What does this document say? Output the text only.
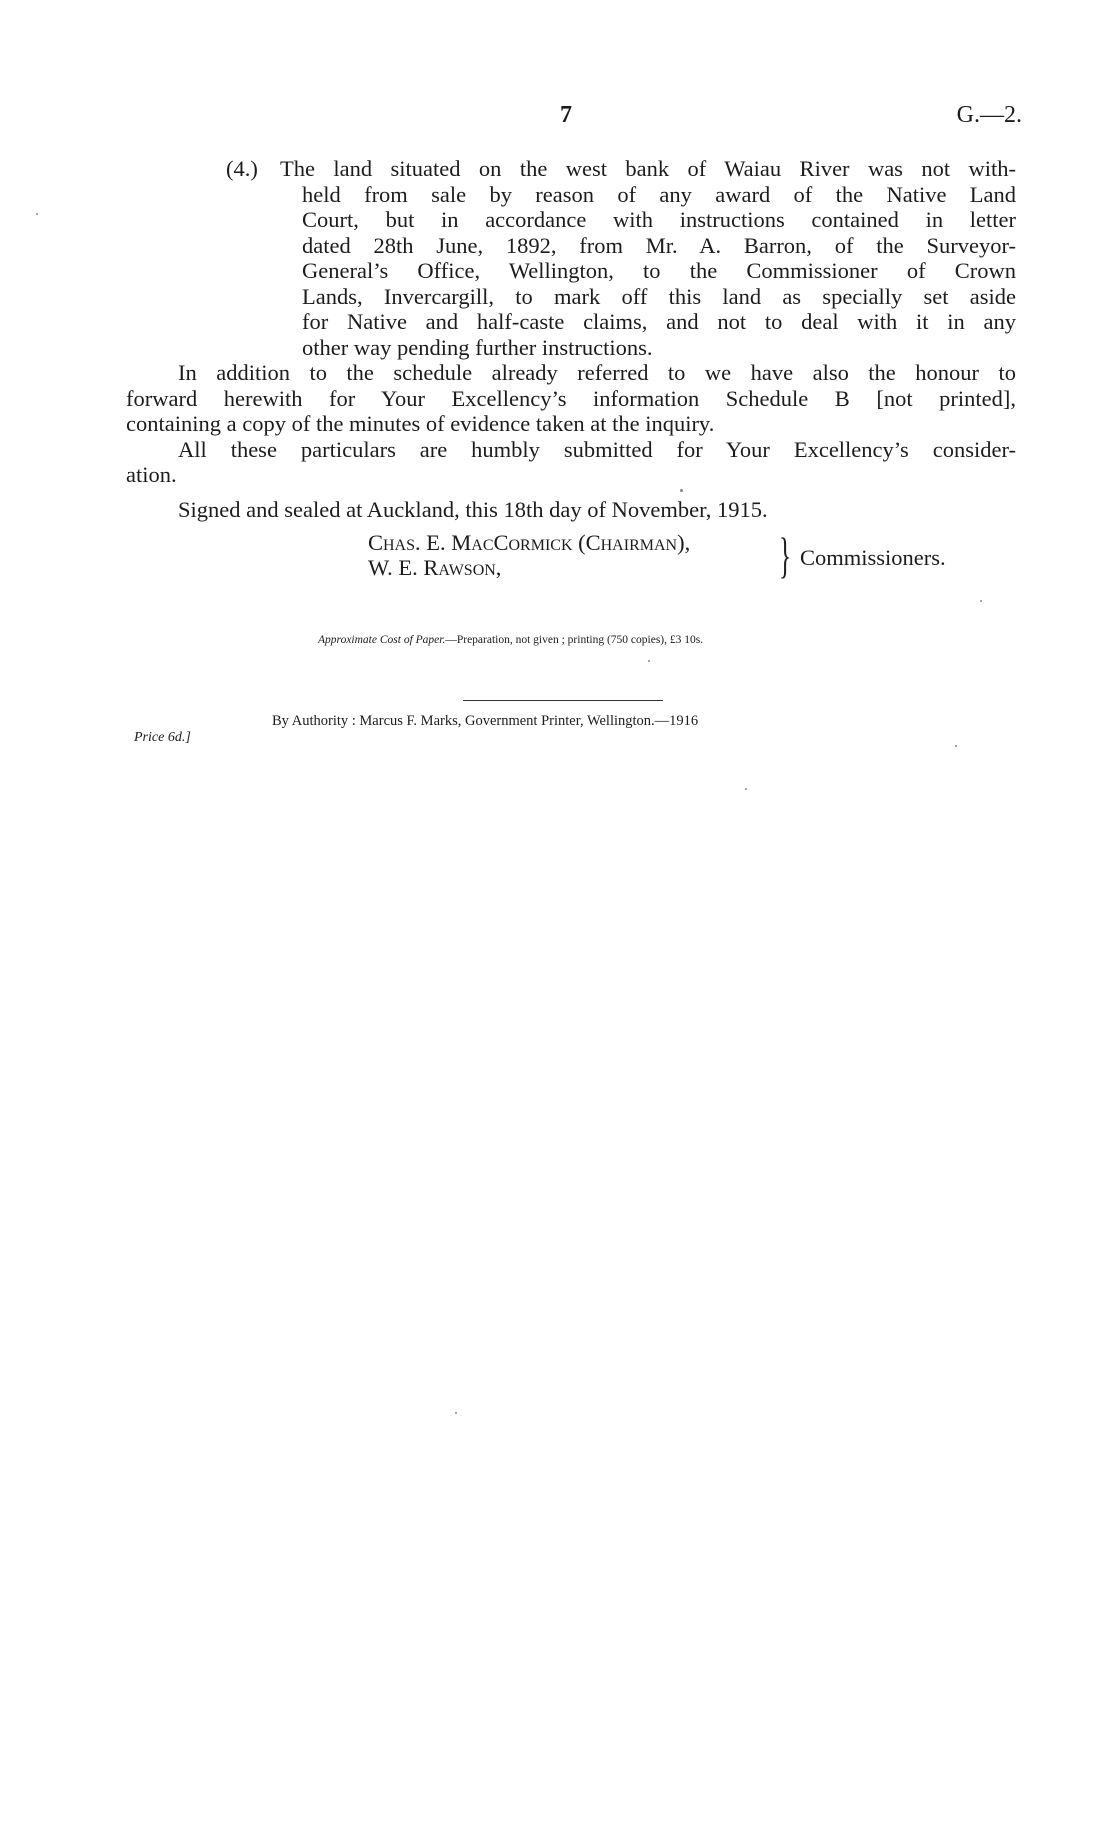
7	G.—2.
(4.) The land situated on the west bank of Waiau River was not with-
held from sale by reason of any award of the Native Land
Court, but in accordance with instructions contained in letter
dated 28th June, 1892, from Mr. A. Barron, of the Surveyor-
General’s Office, Wellington, to the Commissioner of Crown
Lands, Invercargill, to mark off this land as specially set aside
for Native and half-caste claims, and not to deal with it in any
other way pending further instructions.
In addition to the schedule already referred to we have also the honour to
forward herewith for Your Excellency’s information Schedule B [not printed],
containing a copy of the minutes of evidence taken at the inquiry.
All these particulars are humbly submitted for Your Excellency’s consider-
ation.
Signed and sealed at Auckland, this 18th day of November, 1915.
Chas. E. MacCormick (Chairman),
W. E. Rawson,	} Commissioners.
Approximate Cost of Paper.—Preparation, not given ; printing (750 copies), £3 10s.
By Authority : Marcus F. Marks, Government Printer, Wellington.—1916
Price 6d.]
